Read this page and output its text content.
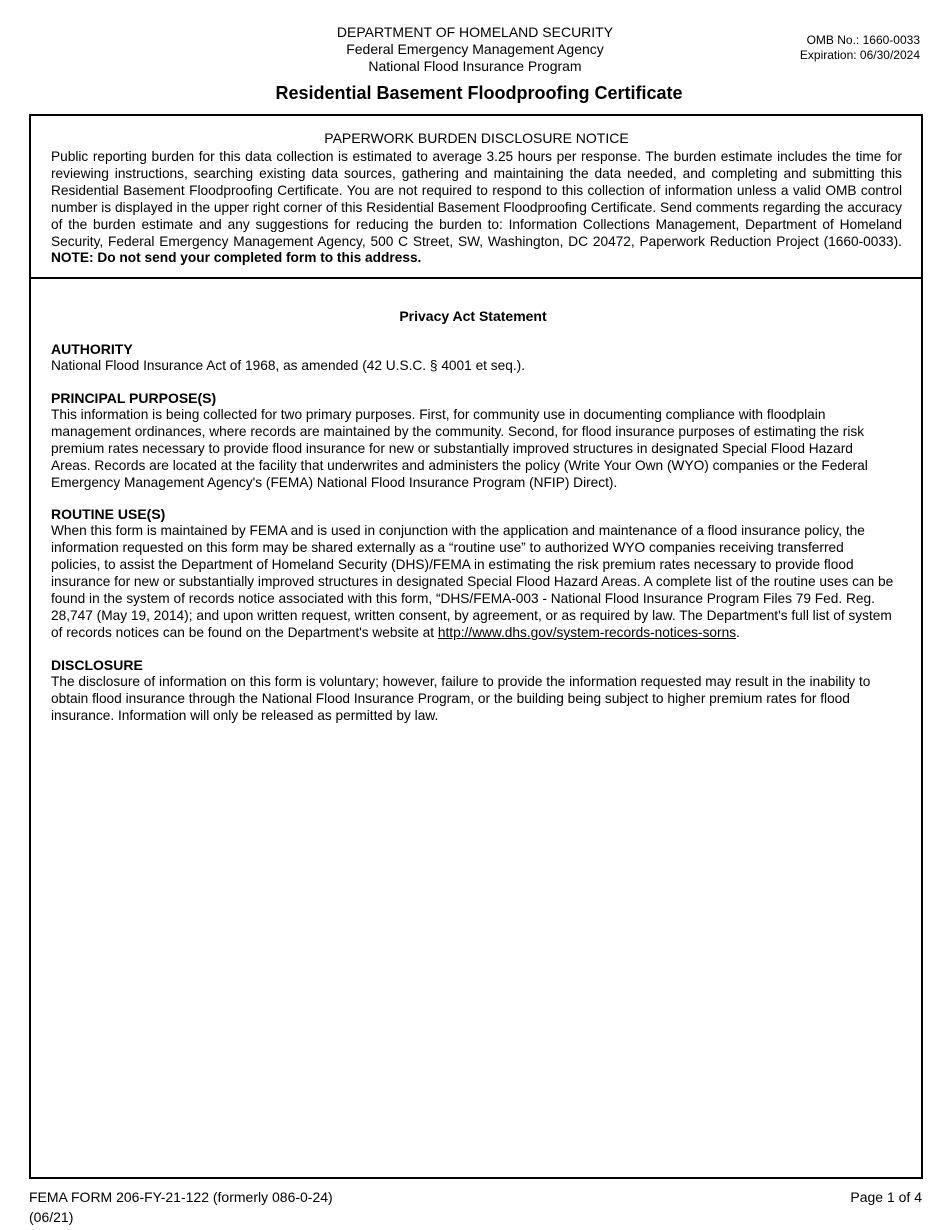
DEPARTMENT OF HOMELAND SECURITY
Federal Emergency Management Agency
National Flood Insurance Program
OMB No.: 1660-0033
Expiration: 06/30/2024
Residential Basement Floodproofing Certificate
PAPERWORK BURDEN DISCLOSURE NOTICE

Public reporting burden for this data collection is estimated to average 3.25 hours per response. The burden estimate includes the time for reviewing instructions, searching existing data sources, gathering and maintaining the data needed, and completing and submitting this Residential Basement Floodproofing Certificate. You are not required to respond to this collection of information unless a valid OMB control number is displayed in the upper right corner of this Residential Basement Floodproofing Certificate. Send comments regarding the accuracy of the burden estimate and any suggestions for reducing the burden to: Information Collections Management, Department of Homeland Security, Federal Emergency Management Agency, 500 C Street, SW, Washington, DC 20472, Paperwork Reduction Project (1660-0033). NOTE: Do not send your completed form to this address.

Privacy Act Statement
AUTHORITY

National Flood Insurance Act of 1968, as amended (42 U.S.C. § 4001 et seq.).

PRINCIPAL PURPOSE(S)

This information is being collected for two primary purposes. First, for community use in documenting compliance with floodplain management ordinances, where records are maintained by the community. Second, for flood insurance purposes of estimating the risk premium rates necessary to provide flood insurance for new or substantially improved structures in designated Special Flood Hazard Areas. Records are located at the facility that underwrites and administers the policy (Write Your Own (WYO) companies or the Federal Emergency Management Agency's (FEMA) National Flood Insurance Program (NFIP) Direct).

ROUTINE USE(S)

When this form is maintained by FEMA and is used in conjunction with the application and maintenance of a flood insurance policy, the information requested on this form may be shared externally as a “routine use” to authorized WYO companies receiving transferred policies, to assist the Department of Homeland Security (DHS)/FEMA in estimating the risk premium rates necessary to provide flood insurance for new or substantially improved structures in designated Special Flood Hazard Areas. A complete list of the routine uses can be found in the system of records notice associated with this form, “DHS/FEMA-003 - National Flood Insurance Program Files 79 Fed. Reg. 28,747 (May 19, 2014); and upon written request, written consent, by agreement, or as required by law. The Department's full list of system of records notices can be found on the Department's website at http://www.dhs.gov/system-records-notices-sorns.

DISCLOSURE

The disclosure of information on this form is voluntary; however, failure to provide the information requested may result in the inability to obtain flood insurance through the National Flood Insurance Program, or the building being subject to higher premium rates for flood insurance. Information will only be released as permitted by law.

FEMA FORM 206-FY-21-122 (formerly 086-0-24)
(06/21)
Page 1 of 4
